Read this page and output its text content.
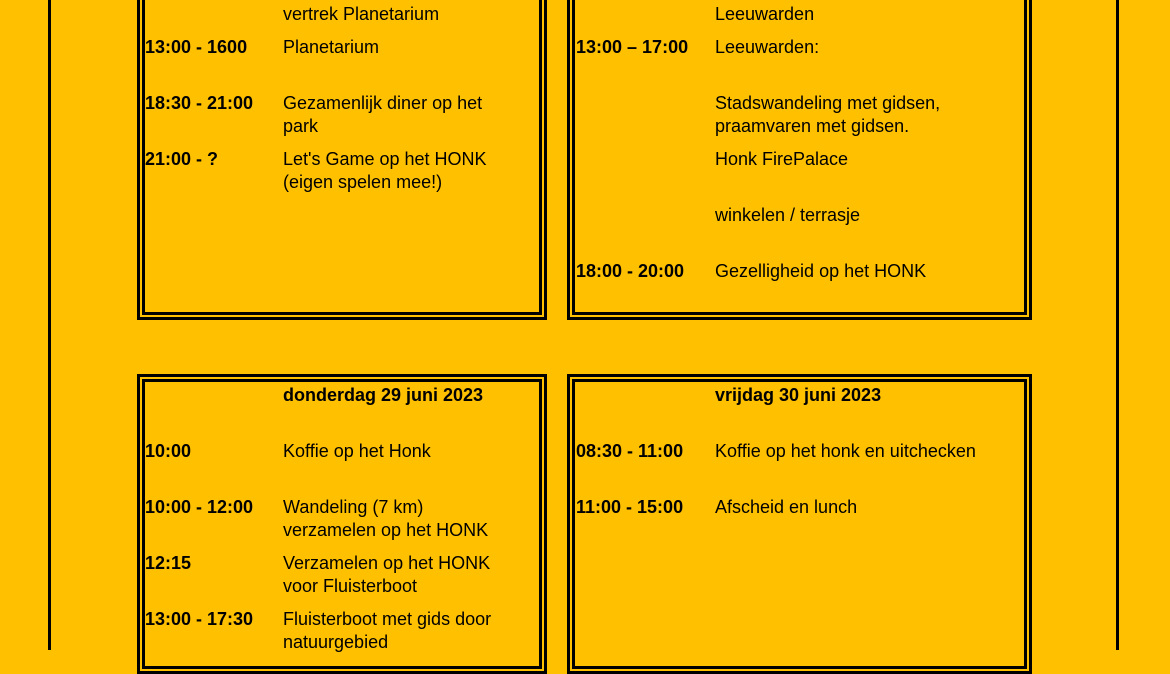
vertrek Planetarium
13:00 - 1600 Planetarium
18:30 - 21:00 Gezamenlijk diner op het
park
21:00 - ?	Let's Game op het HONK
(eigen spelen mee!)
Leeuwarden
13:00 – 17:00 Leeuwarden:
Stadswandeling met gidsen,
praamvaren met gidsen.
Honk FirePalace
winkelen / terrasje
18:00 - 20:00 Gezelligheid op het HONK
donderdag 29 juni 2023
10:00	Koffie op het Honk
10:00 - 12:00 Wandeling (7 km)
verzamelen op het HONK
12:15	Verzamelen op het HONK
voor Fluisterboot
13:00 - 17:30 Fluisterboot met gids door
natuurgebied
vrijdag 30 juni 2023
08:30 - 11:00 Koffie op het honk en uitchecken
11:00 - 15:00 Afscheid en lunch
